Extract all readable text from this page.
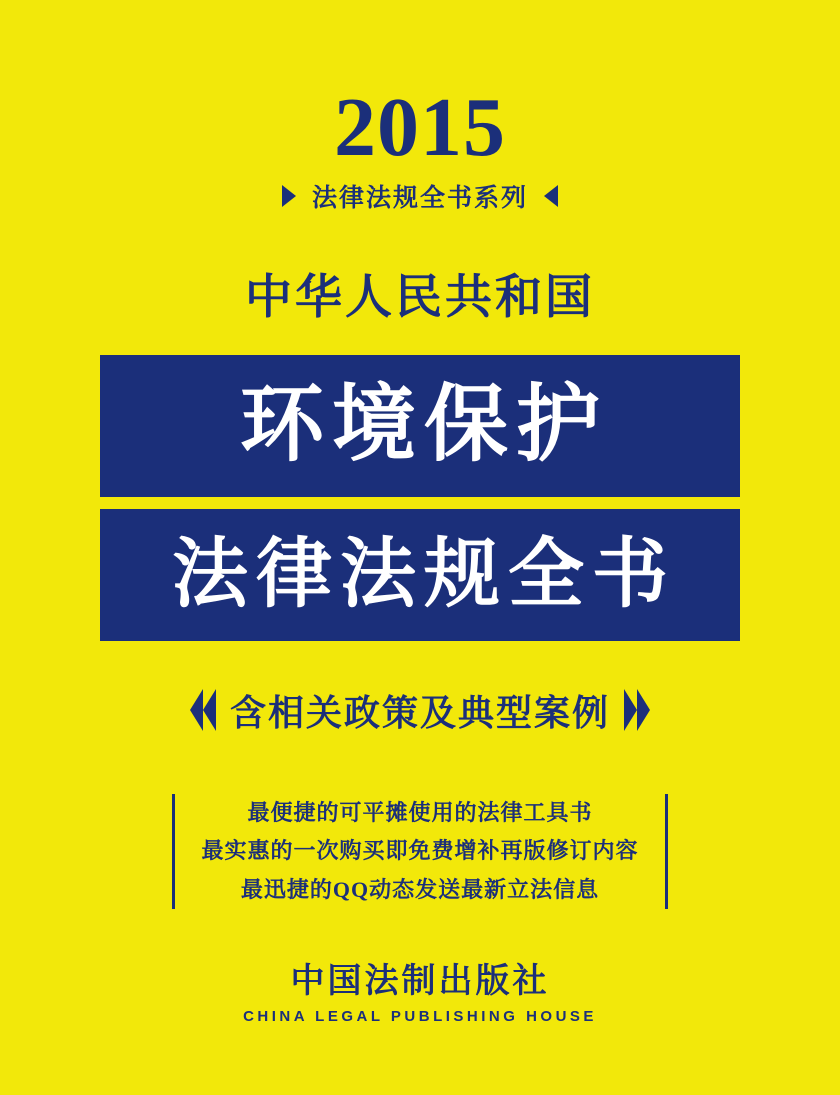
2015
法律法规全书系列
中华人民共和国
环境保护
法律法规全书
含相关政策及典型案例
最便捷的可平摊使用的法律工具书
最实惠的一次购买即免费增补再版修订内容
最迅捷的QQ动态发送最新立法信息
中国法制出版社
CHINA LEGAL PUBLISHING HOUSE
